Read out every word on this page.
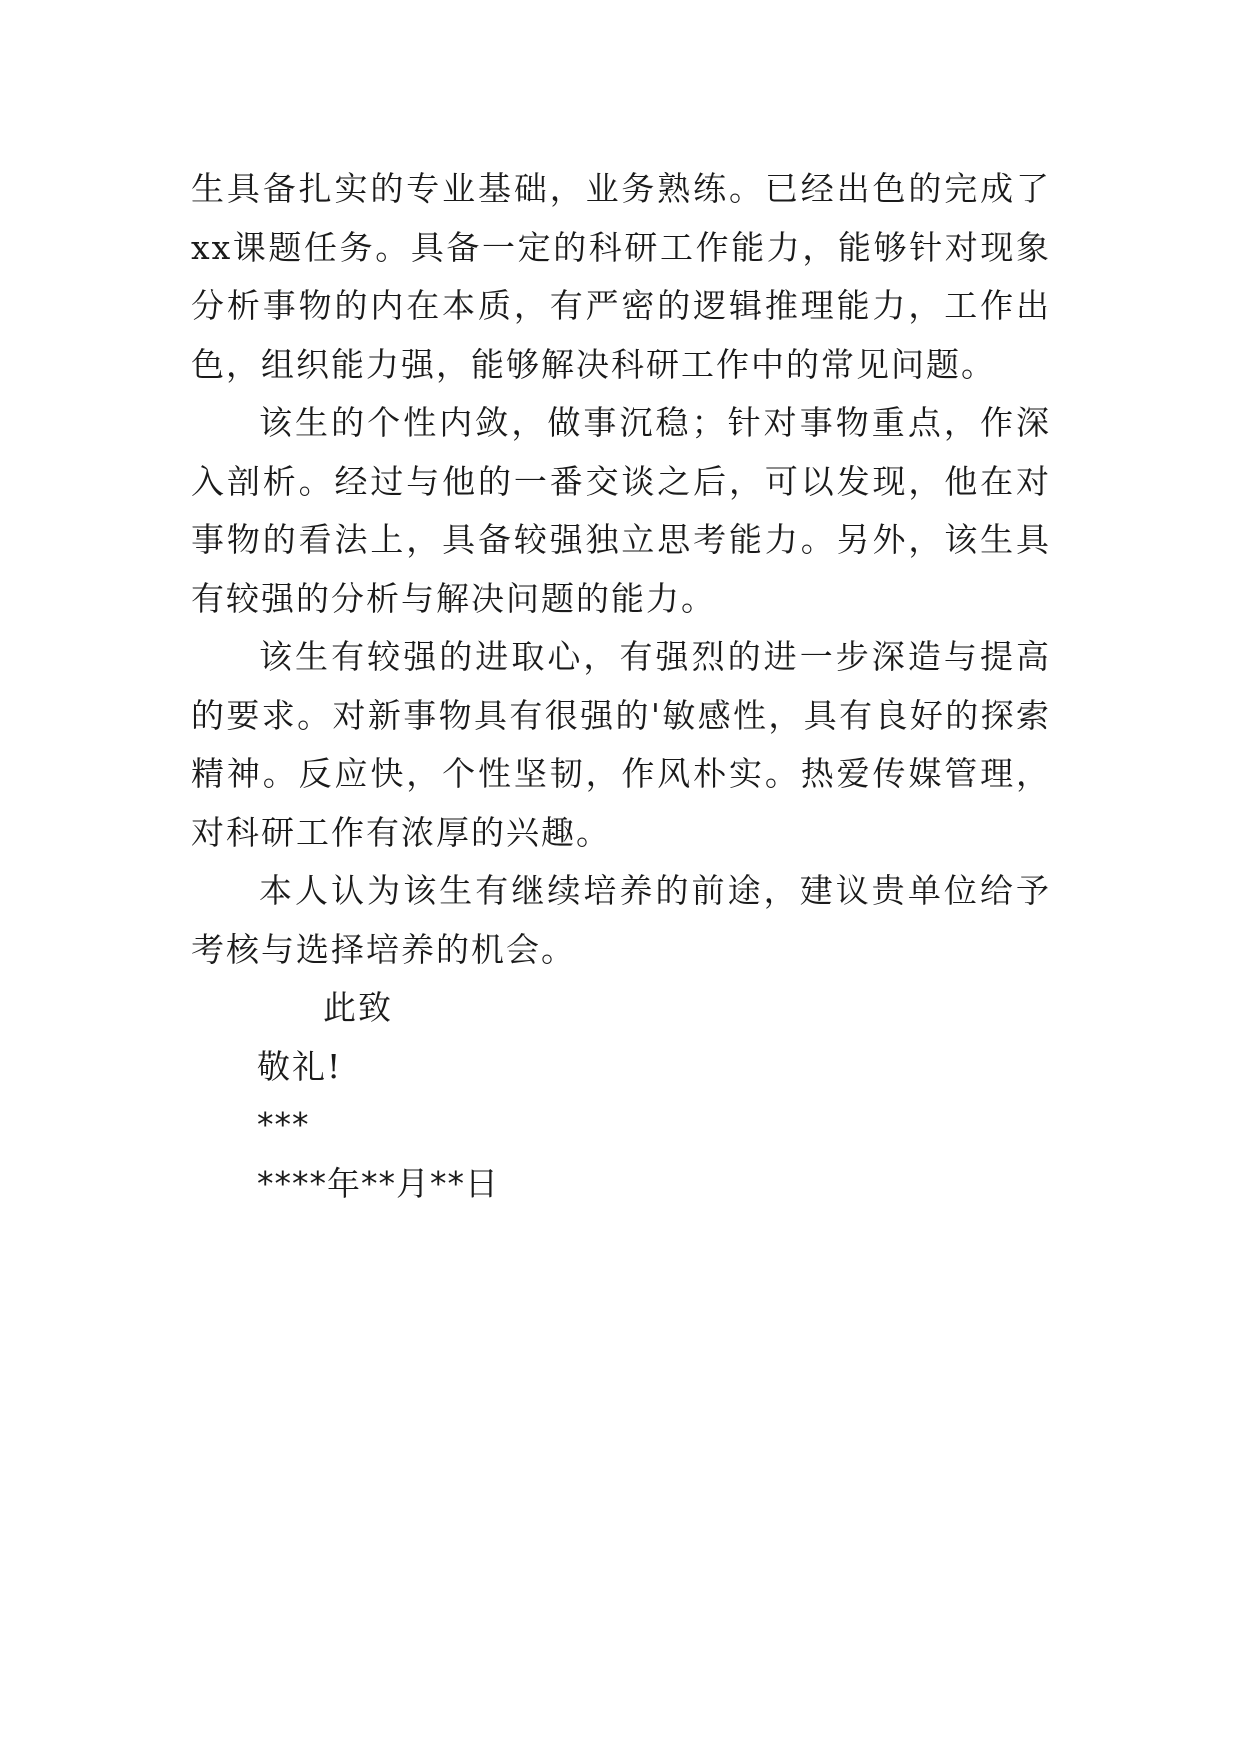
生具备扎实的专业基础，业务熟练。已经出色的完成了xx课题任务。具备一定的科研工作能力，能够针对现象分析事物的内在本质，有严密的逻辑推理能力，工作出色，组织能力强，能够解决科研工作中的常见问题。

该生的个性内敛，做事沉稳；针对事物重点，作深入剖析。经过与他的一番交谈之后，可以发现，他在对事物的看法上，具备较强独立思考能力。另外，该生具有较强的分析与解决问题的能力。

该生有较强的进取心，有强烈的进一步深造与提高的要求。对新事物具有很强的'敏感性，具有良好的探索精神。反应快，个性坚韧，作风朴实。热爱传媒管理，对科研工作有浓厚的兴趣。

本人认为该生有继续培养的前途，建议贵单位给予考核与选择培养的机会。

此致

敬礼!

***

****年**月**日
